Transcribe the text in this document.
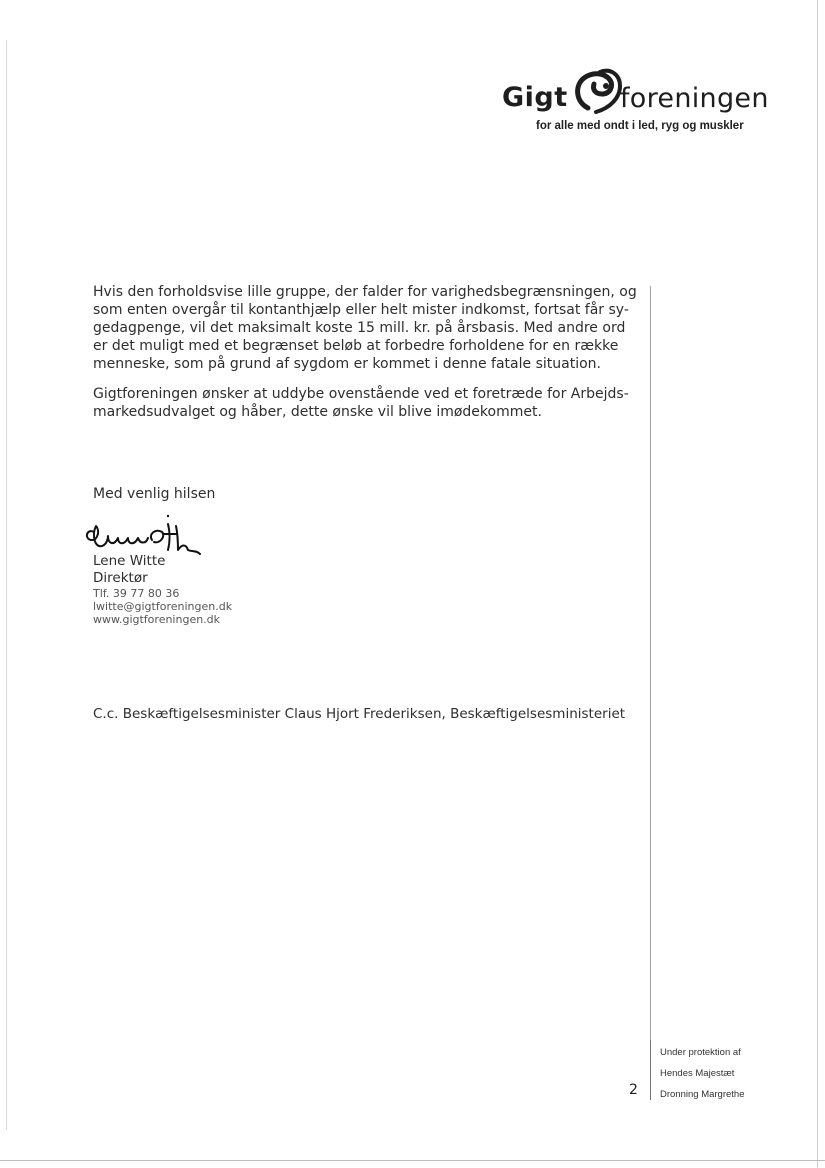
Gigt foreningen
for alle med ondt i led, ryg og muskler
Hvis den forholdsvise lille gruppe, der falder for varighedsbegrænsningen, og
som enten overgår til kontanthjælp eller helt mister indkomst, fortsat får sy-
gedagpenge, vil det maksimalt koste 15 mill. kr. på årsbasis. Med andre ord
er det muligt med et begrænset beløb at forbedre forholdene for en række
menneske, som på grund af sygdom er kommet i denne fatale situation.
Gigtforeningen ønsker at uddybe ovenstående ved et foretræde for Arbejds-
markedsudvalget og håber, dette ønske vil blive imødekommet.
Med venlig hilsen
Lene Witte
Direktør
Tlf. 39 77 80 36
lwitte@gigtforeningen.dk
www.gigtforeningen.dk
C.c. Beskæftigelsesminister Claus Hjort Frederiksen, Beskæftigelsesministeriet
2
Under protektion af
Hendes Majestæt
Dronning Margrethe
